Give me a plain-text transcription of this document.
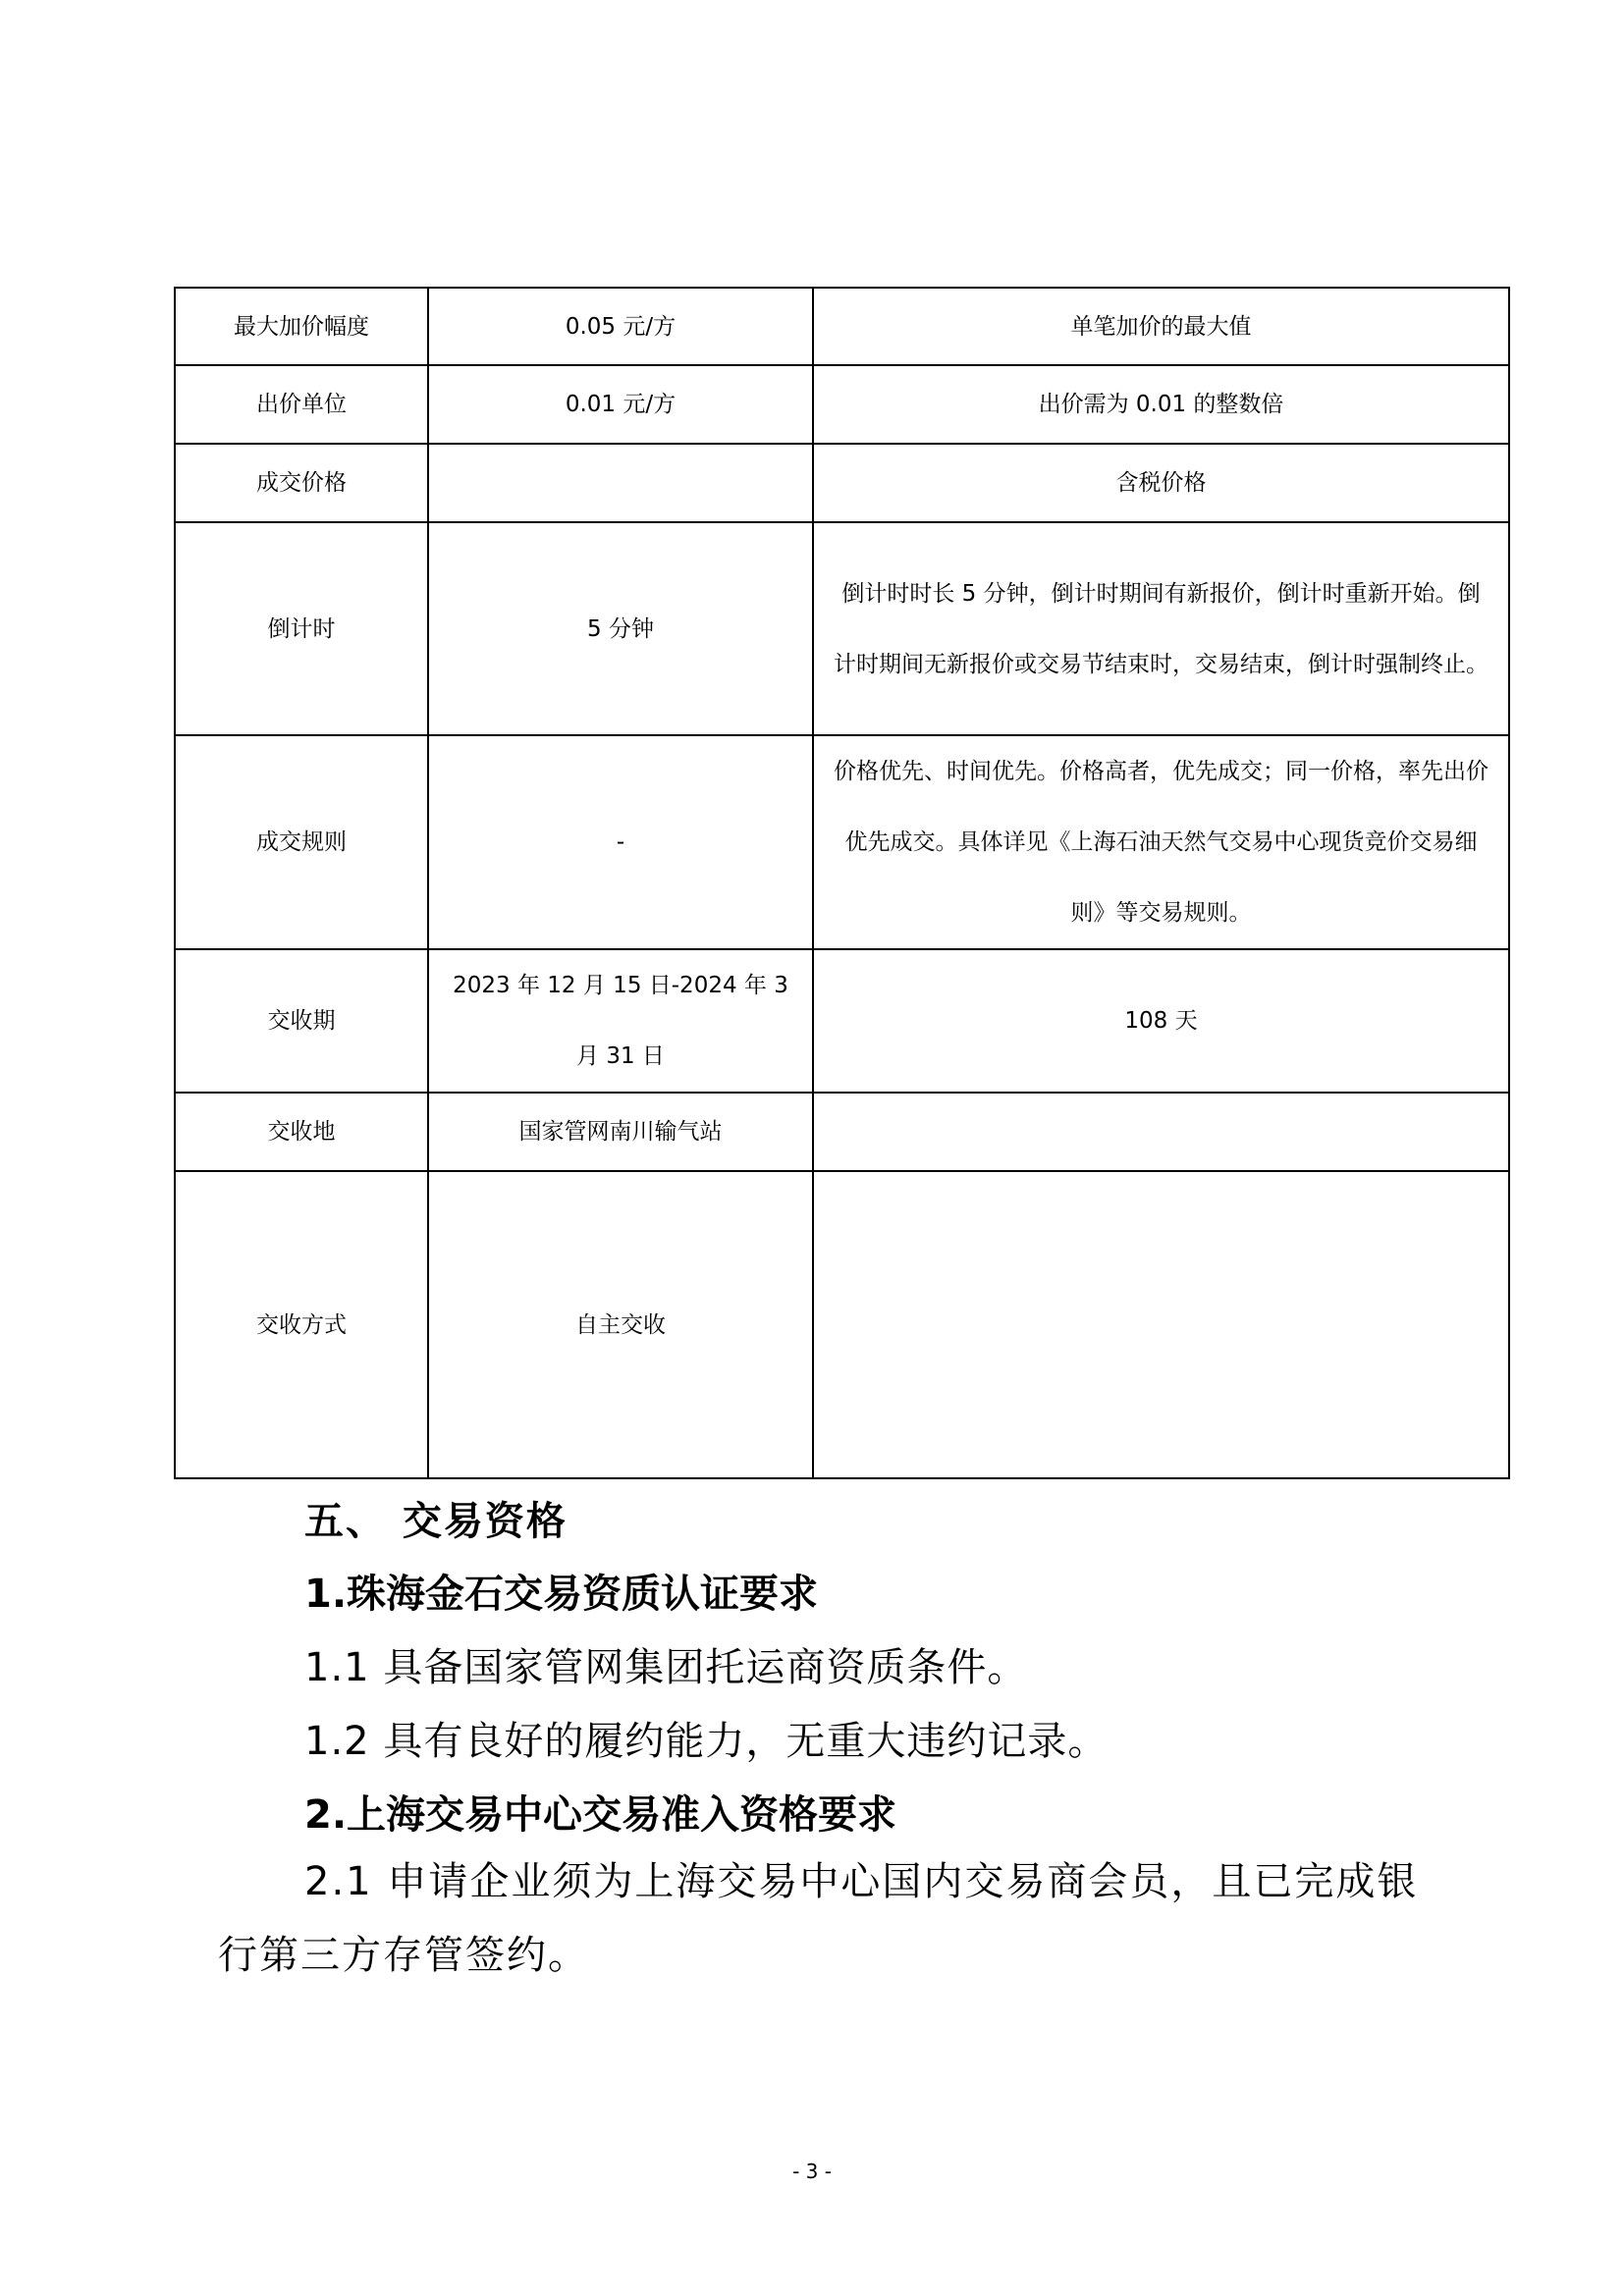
最大加价幅度	0.05 元/方	单笔加价的最大值
出价单位	0.01 元/方	出价需为 0.01 的整数倍
成交价格		含税价格
倒计时	5 分钟	倒计时时长 5 分钟，倒计时期间有新报价，倒计时重新开始。倒计时期间无新报价或交易节结束时，交易结束，倒计时强制终止。
成交规则	-	价格优先、时间优先。价格高者，优先成交；同一价格，率先出价优先成交。具体详见《上海石油天然气交易中心现货竞价交易细则》等交易规则。
交收期	2023 年 12 月 15 日-2024 年 3 月 31 日	108 天
交收地	国家管网南川输气站	
交收方式	自主交收	

五、 交易资格

1.珠海金石交易资质认证要求

1.1 具备国家管网集团托运商资质条件。

1.2 具有良好的履约能力，无重大违约记录。

2.上海交易中心交易准入资格要求

2.1 申请企业须为上海交易中心国内交易商会员，且已完成银行第三方存管签约。

- 3 -
